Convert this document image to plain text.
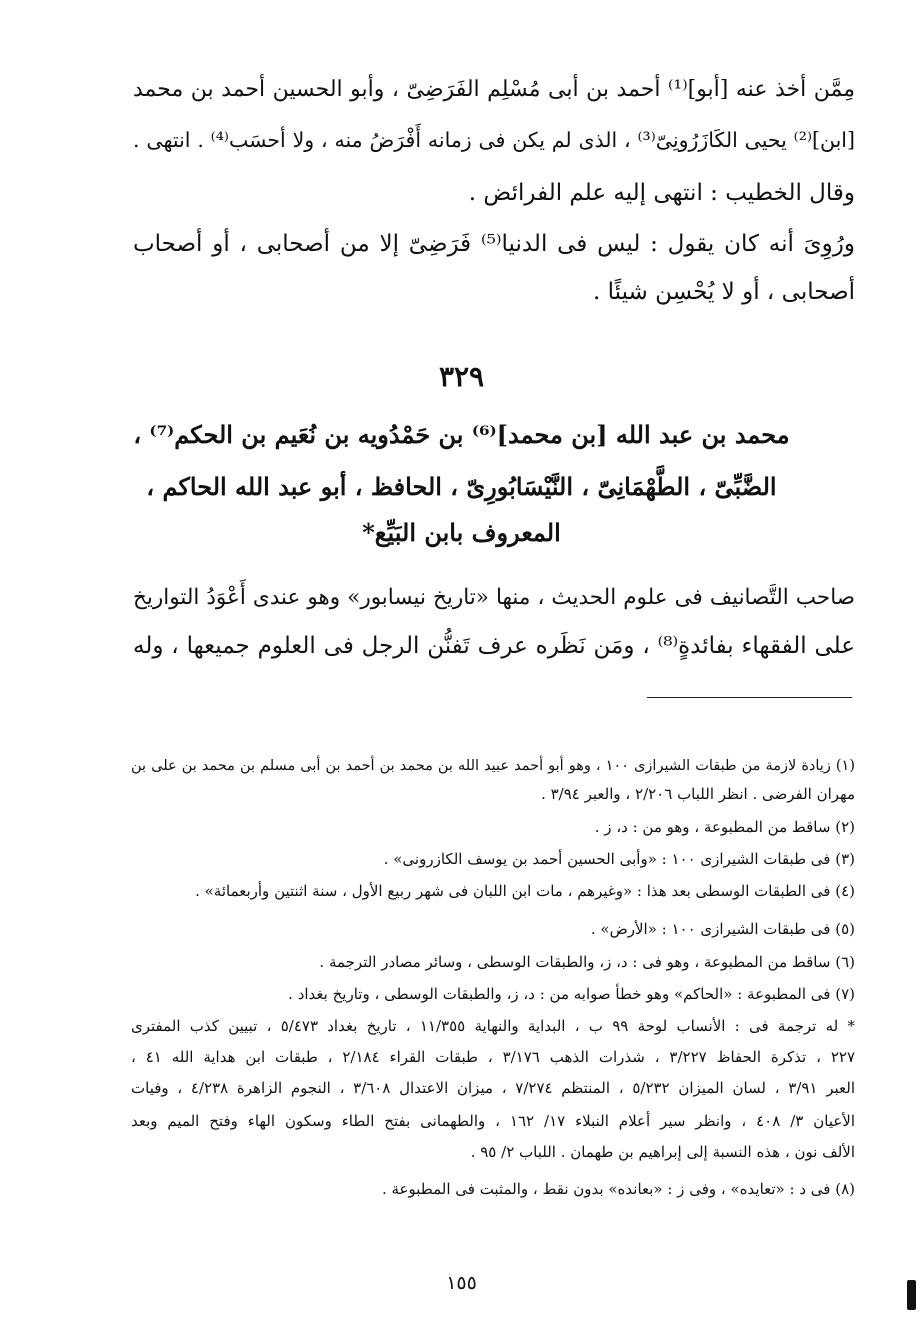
مِمَّن أخذ عنه [أبو]⁽¹⁾ أحمد بن أبى مُسْلِم الفَرَضِىّ ، وأبو الحسين أحمد بن محمد
[ابن]⁽²⁾ يحيى الكَازَرُونِىّ⁽³⁾ ، الذى لم يكن فى زمانه أَفْرَضُ منه ، ولا أحسَب⁽⁴⁾ . انتهى .
وقال الخطيب : انتهى إليه علم الفرائض .
ورُوِىَ أنه كان يقول : ليس فى الدنيا⁽⁵⁾ فَرَضِىّ إلا من أصحابى ، أو أصحاب
أصحابى ، أو لا يُحْسِن شيئًا .
٣٢٩
محمد بن عبد الله [بن محمد]⁽⁶⁾ بن حَمْدُويه بن نُعَيم بن الحكم⁽⁷⁾ ،
الضَّبِّىّ ، الطَّهْمَانِىّ ، النَّيْسَابُورِىّ ، الحافظ ، أبو عبد الله الحاكم ،
المعروف بابن البَيِّع*
صاحب التَّصانيف فى علوم الحديث ، منها «تاريخ نيسابور» وهو عندى أَعْوَدُ التواريخ
على الفقهاء بفائدةٍ⁽⁸⁾ ، ومَن نَظَره عرف تَفنُّن الرجل فى العلوم جميعها ، وله
(١) زيادة لازمة من طبقات الشيرازى ١٠٠ ، وهو أبو أحمد عبيد الله بن محمد بن أحمد بن أبى مسلم بن محمد بن على بن
مهران الفرضى . انظر اللباب ٢/٢٠٦ ، والعبر ٣/٩٤ .
(٢) ساقط من المطبوعة ، وهو من : د، ز .
(٣) فى طبقات الشيرازى ١٠٠ : «وأبى الحسين أحمد بن يوسف الكازرونى» .
(٤) فى الطبقات الوسطى بعد هذا : «وغيرهم ، مات ابن اللبان فى شهر ربيع الأول ، سنة اثنتين وأربعمائة» .
(٥) فى طبقات الشيرازى ١٠٠ : «الأرض» .
(٦) ساقط من المطبوعة ، وهو فى : د، ز، والطبقات الوسطى ، وسائر مصادر الترجمة .
(٧) فى المطبوعة : «الحاكم» وهو خطأ صوابه من : د، ز، والطبقات الوسطى ، وتاريخ بغداد .
* له ترجمة فى : الأنساب لوحة ٩٩ ب ، البداية والنهاية ١١/٣٥٥ ، تاريخ بغداد ٥/٤٧٣ ، تبيين كذب المفترى
٢٢٧ ، تذكرة الحفاظ ٣/٢٢٧ ، شذرات الذهب ٣/١٧٦ ، طبقات القراء ٢/١٨٤ ، طبقات ابن هداية الله ٤١ ،
العبر ٣/٩١ ، لسان الميزان ٥/٢٣٢ ، المنتظم ٧/٢٧٤ ، ميزان الاعتدال ٣/٦٠٨ ، النجوم الزاهرة ٤/٢٣٨ ، وفيات
الأعيان ٣/ ٤٠٨ ، وانظر سير أعلام النبلاء ١٧/ ١٦٢ ، والطهمانى بفتح الطاء وسكون الهاء وفتح الميم وبعد
الألف نون ، هذه النسبة إلى إبراهيم بن طهمان . اللباب ٢/ ٩٥ .
(٨) فى د : «تعايده» ، وفى ز : «بعانده» بدون نقط ، والمثبت فى المطبوعة .
١٥٥
